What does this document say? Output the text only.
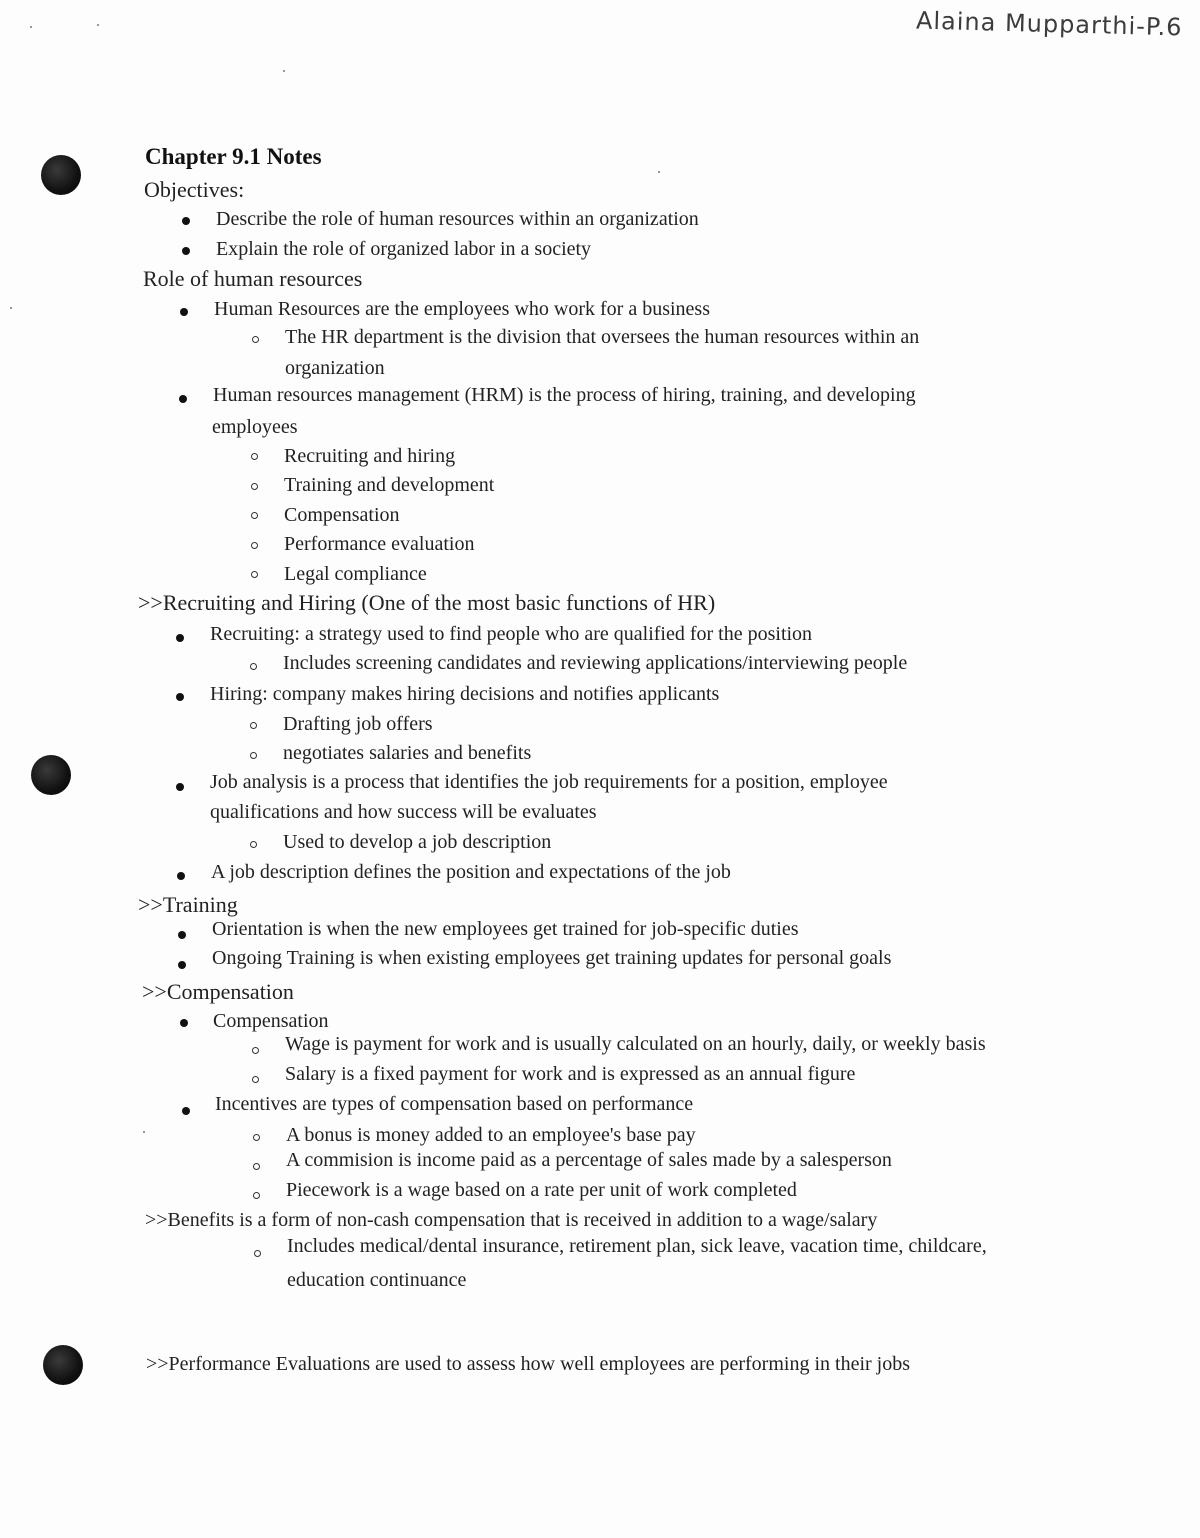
Alaina Mupparthi-P.6
Chapter 9.1 Notes
Objectives:
Describe the role of human resources within an organization
Explain the role of organized labor in a society
Role of human resources
Human Resources are the employees who work for a business
The HR department is the division that oversees the human resources within an
organization
Human resources management (HRM) is the process of hiring, training, and developing
employees
Recruiting and hiring
Training and development
Compensation
Performance evaluation
Legal compliance
>>Recruiting and Hiring (One of the most basic functions of HR)
Recruiting: a strategy used to find people who are qualified for the position
Includes screening candidates and reviewing applications/interviewing people
Hiring: company makes hiring decisions and notifies applicants
Drafting job offers
negotiates salaries and benefits
Job analysis is a process that identifies the job requirements for a position, employee
qualifications and how success will be evaluates
Used to develop a job description
A job description defines the position and expectations of the job
>>Training
Orientation is when the new employees get trained for job-specific duties
Ongoing Training is when existing employees get training updates for personal goals
>>Compensation
Compensation
Wage is payment for work and is usually calculated on an hourly, daily, or weekly basis
Salary is a fixed payment for work and is expressed as an annual figure
Incentives are types of compensation based on performance
A bonus is money added to an employee's base pay
A commision is income paid as a percentage of sales made by a salesperson
Piecework is a wage based on a rate per unit of work completed
>>Benefits is a form of non-cash compensation that is received in addition to a wage/salary
Includes medical/dental insurance, retirement plan, sick leave, vacation time, childcare,
education continuance
>>Performance Evaluations are used to assess how well employees are performing in their jobs
